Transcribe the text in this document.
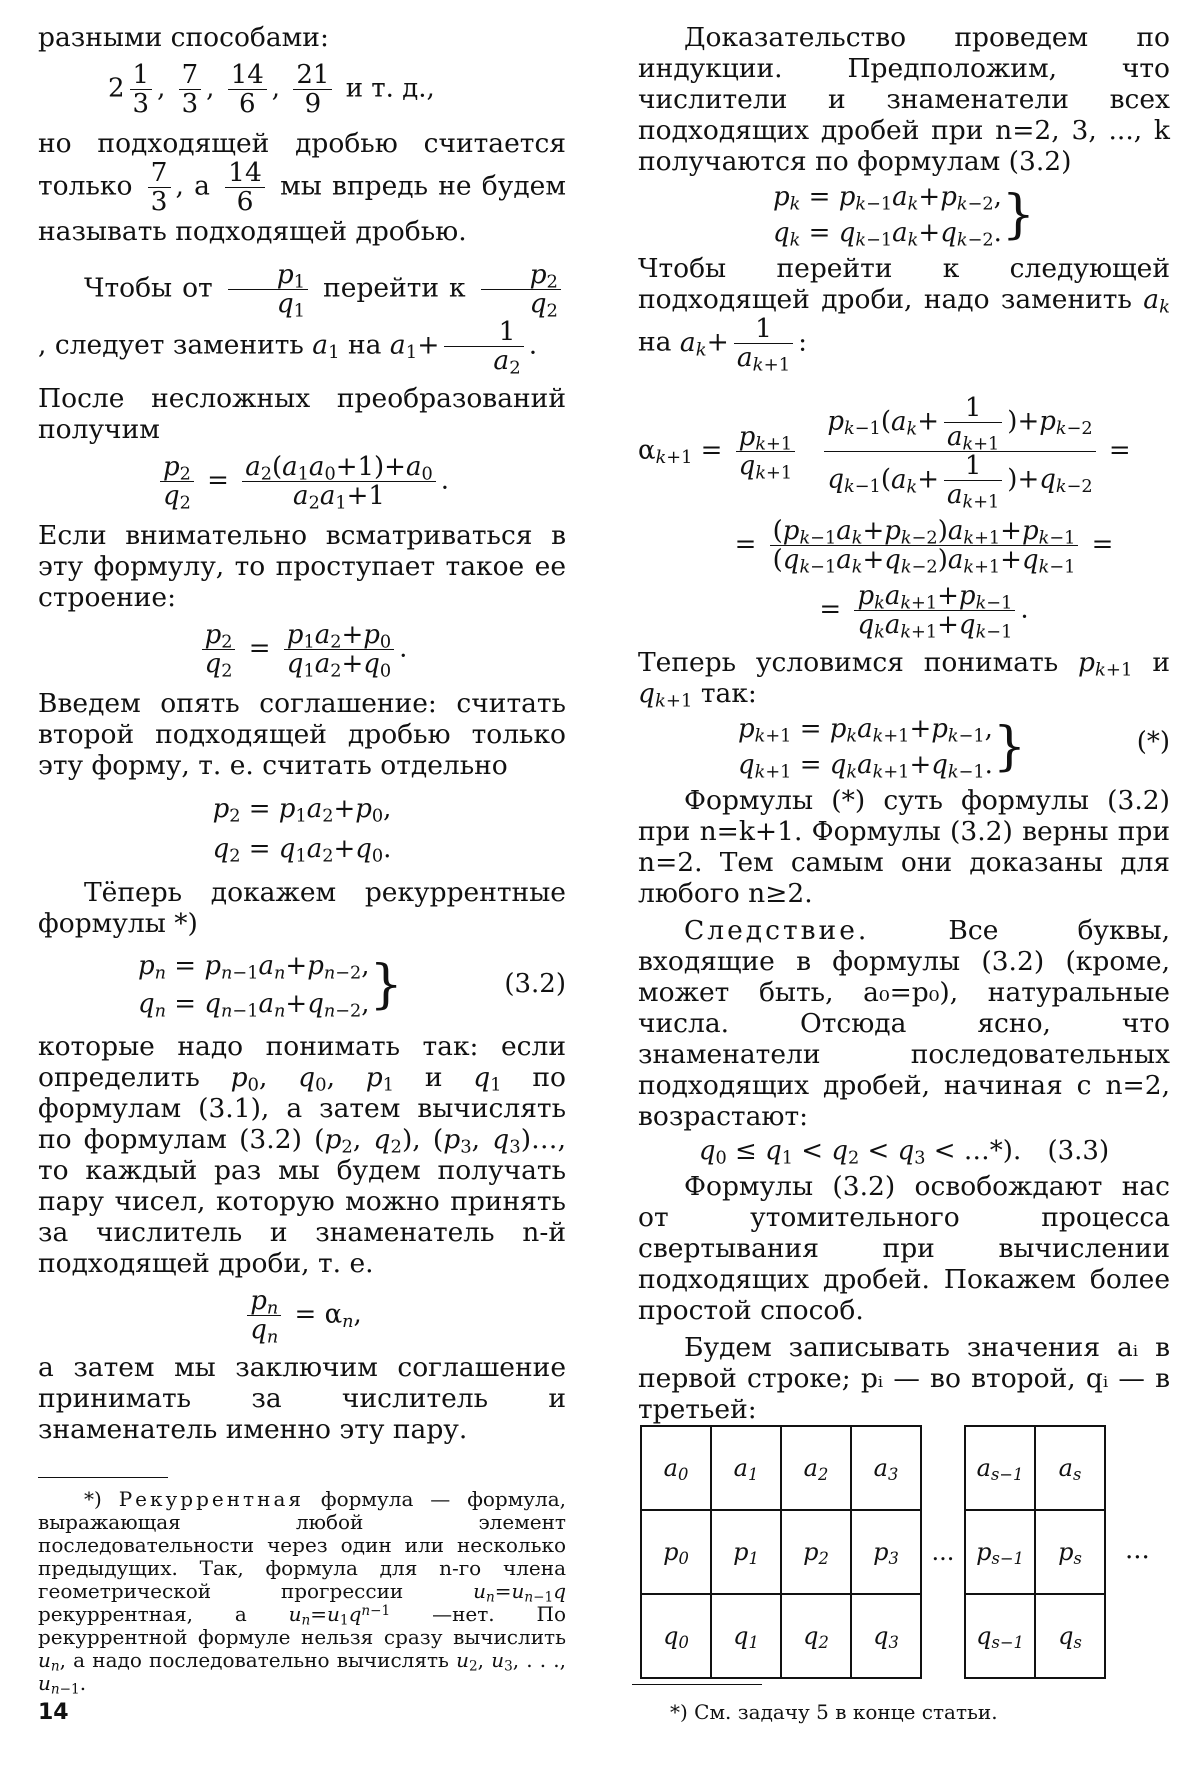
разными способами:

$2 \frac{1}{3}$ , $\frac{7}{3}$ , $\frac{14}{6}$ , $\frac{21}{9}$ и т. д.,

но подходящей дробью считается только $\frac{7}{3}$ , а $\frac{14}{6}$ мы впредь не будем называть подходящей дробью.

Чтобы от $\frac{p_1}{q_1}$ перейти к $\frac{p_2}{q_2}$
, следует заменить $a_1$ на $a_1+ \frac{1}{a_2}$ .

После несложных преобразований получим

$\frac{p_2}{q_2} = \frac{a_2(a_1a_0+1)+a_0}{a_2a_1+1}$ .

Если внимательно всматриваться в эту формулу, то проступает такое ее строение:

$\frac{p_2}{q_2} = \frac{p_1a_2+p_0}{q_1a_2+q_0}$ .

Введем опять соглашение: считать второй подходящей дробью только эту форму, т. е. считать отдельно

$p_2 = p_1a_2+p_0$,
$q_2 = q_1a_2+q_0$.

Тёперь докажем рекуррентные формулы *)

$p_n = p_{n-1}a_n+p_{n-2}$,
$q_n = q_{n-1}a_n+q_{n-2}$,}	(3.2)

которые надо понимать так: если определить $p_0$, $q_0$, $p_1$ и $q_1$ по формулам (3.1), а затем вычислять по формулам (3.2) ($p_2$, $q_2$), ($p_3$, $q_3)\dots$, то каждый раз мы будем получать пару чисел, которую можно принять за числитель и знаменатель n-й подходящей дроби, т. е.

$\frac{p_n}{q_n} = \alpha_n$,

а затем мы заключим соглашение принимать за числитель и знаменатель именно эту пару.

*) Рекуррентная формула — формула, выражающая любой элемент последовательности через один или несколько предыдущих. Так, формула для n-го члена геометрической прогрессии	$u_n=u_{n-1}q$ рекуррентная, а $u_n=u_1q^{n-1}$ —нет. По рекуррентной формуле нельзя сразу вычислить $u_n$, а надо последовательно вычислять $u_2$, $u_3$, . . ., $u_{n-1}$.

14

Доказательство проведем по индукции. Предположим, что числители и знаменатели всех подходящих дробей при n=2, 3, ..., k получаются по формулам (3.2)

$p_k = p_{k-1}a_k+p_{k-2}$,
$q_k = q_{k-1}a_k+q_{k-2}$.}

Чтобы перейти к следующей подходящей дроби, надо заменить $a_k$ на $a_k+ \frac{1}{a_{k+1}}$ :

$\alpha_{k+1} = \frac{p_{k+1}}{q_{k+1}}$
$\frac{p_{k-1}(a_k+ \frac{1}{a_{k+1}} )+p_{k-2}}{q_{k-1}(a_k+ \frac{1}{a_{k+1}} )+q_{k-2}}$ =
= $\frac{(p_{k-1}a_k+p_{k-2})a_{k+1}+p_{k-1}}{(q_{k-1}a_k+q_{k-2})a_{k+1}+q_{k-1}}$ =
= $\frac{p_ka_{k+1}+p_{k-1}}{q_ka_{k+1}+q_{k-1}}$ .

Теперь условимся понимать $p_{k+1}$ и $q_{k+1}$ так:

$p_{k+1} = p_ka_{k+1}+p_{k-1}$,
$q_{k+1} = q_ka_{k+1}+q_{k-1}$.}	(*)

Формулы (*) суть формулы (3.2) при n=k+1. Формулы (3.2) верны при n=2. Тем самым они доказаны для любого n≥2.

Следствие.	Все буквы, входящие в формулы (3.2) (кроме, может быть, a₀=p₀), натуральные числа. Отсюда ясно, что знаменатели последовательных подходящих дробей, начиная с n=2, возрастают:

$q_0 \le q_1 < q_2 < q_3$ < …*). (3.3)

Формулы (3.2) освобождают нас от утомительного процесса свертывания при вычислении подходящих дробей. Покажем более простой способ.

Будем записывать значения aᵢ в первой строке; pᵢ — во второй, qᵢ — в третьей:

$a_0$	$a_1$	$a_2$	$a_3$		$a_{s-1}$	$a_s$
$p_0$	$p_1$	$p_2$	$p_3$	...	$p_{s-1}$	$p_s$
$q_0$	$q_1$	$q_2$	$q_3$		$q_{s-1}$	$q_s$
...
*) См. задачу 5 в конце статьи.
